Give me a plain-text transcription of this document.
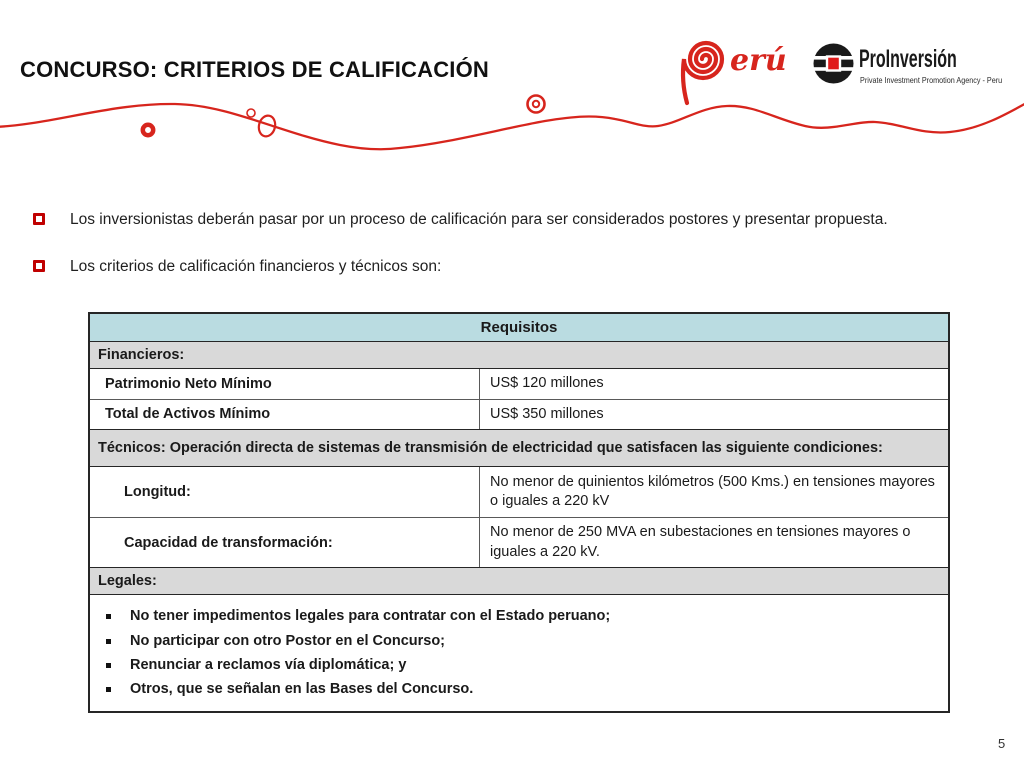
CONCURSO: CRITERIOS DE CALIFICACIÓN	erú	ProInversión
Private Investment Promotion Agency - Peru
Los inversionistas deberán pasar por un proceso de calificación para ser considerados postores y presentar propuesta.
Los criterios de calificación financieros y técnicos son:
Requisitos
Financieros:
Patrimonio Neto Mínimo	US$ 120 millones
Total de Activos Mínimo	US$ 350 millones
Técnicos: Operación directa de sistemas de transmisión de electricidad que satisfacen las siguiente condiciones:
Longitud:
No menor de quinientos kilómetros (500 Kms.) en tensiones mayores o iguales a 220 kV
Capacidad de transformación:
No menor de 250 MVA en subestaciones en tensiones mayores o iguales a 220 kV.
Legales:
No tener impedimentos legales para contratar con el Estado peruano;
No participar con otro Postor en el Concurso;
Renunciar a reclamos vía diplomática; y
Otros, que se señalan en las Bases del Concurso.
5
